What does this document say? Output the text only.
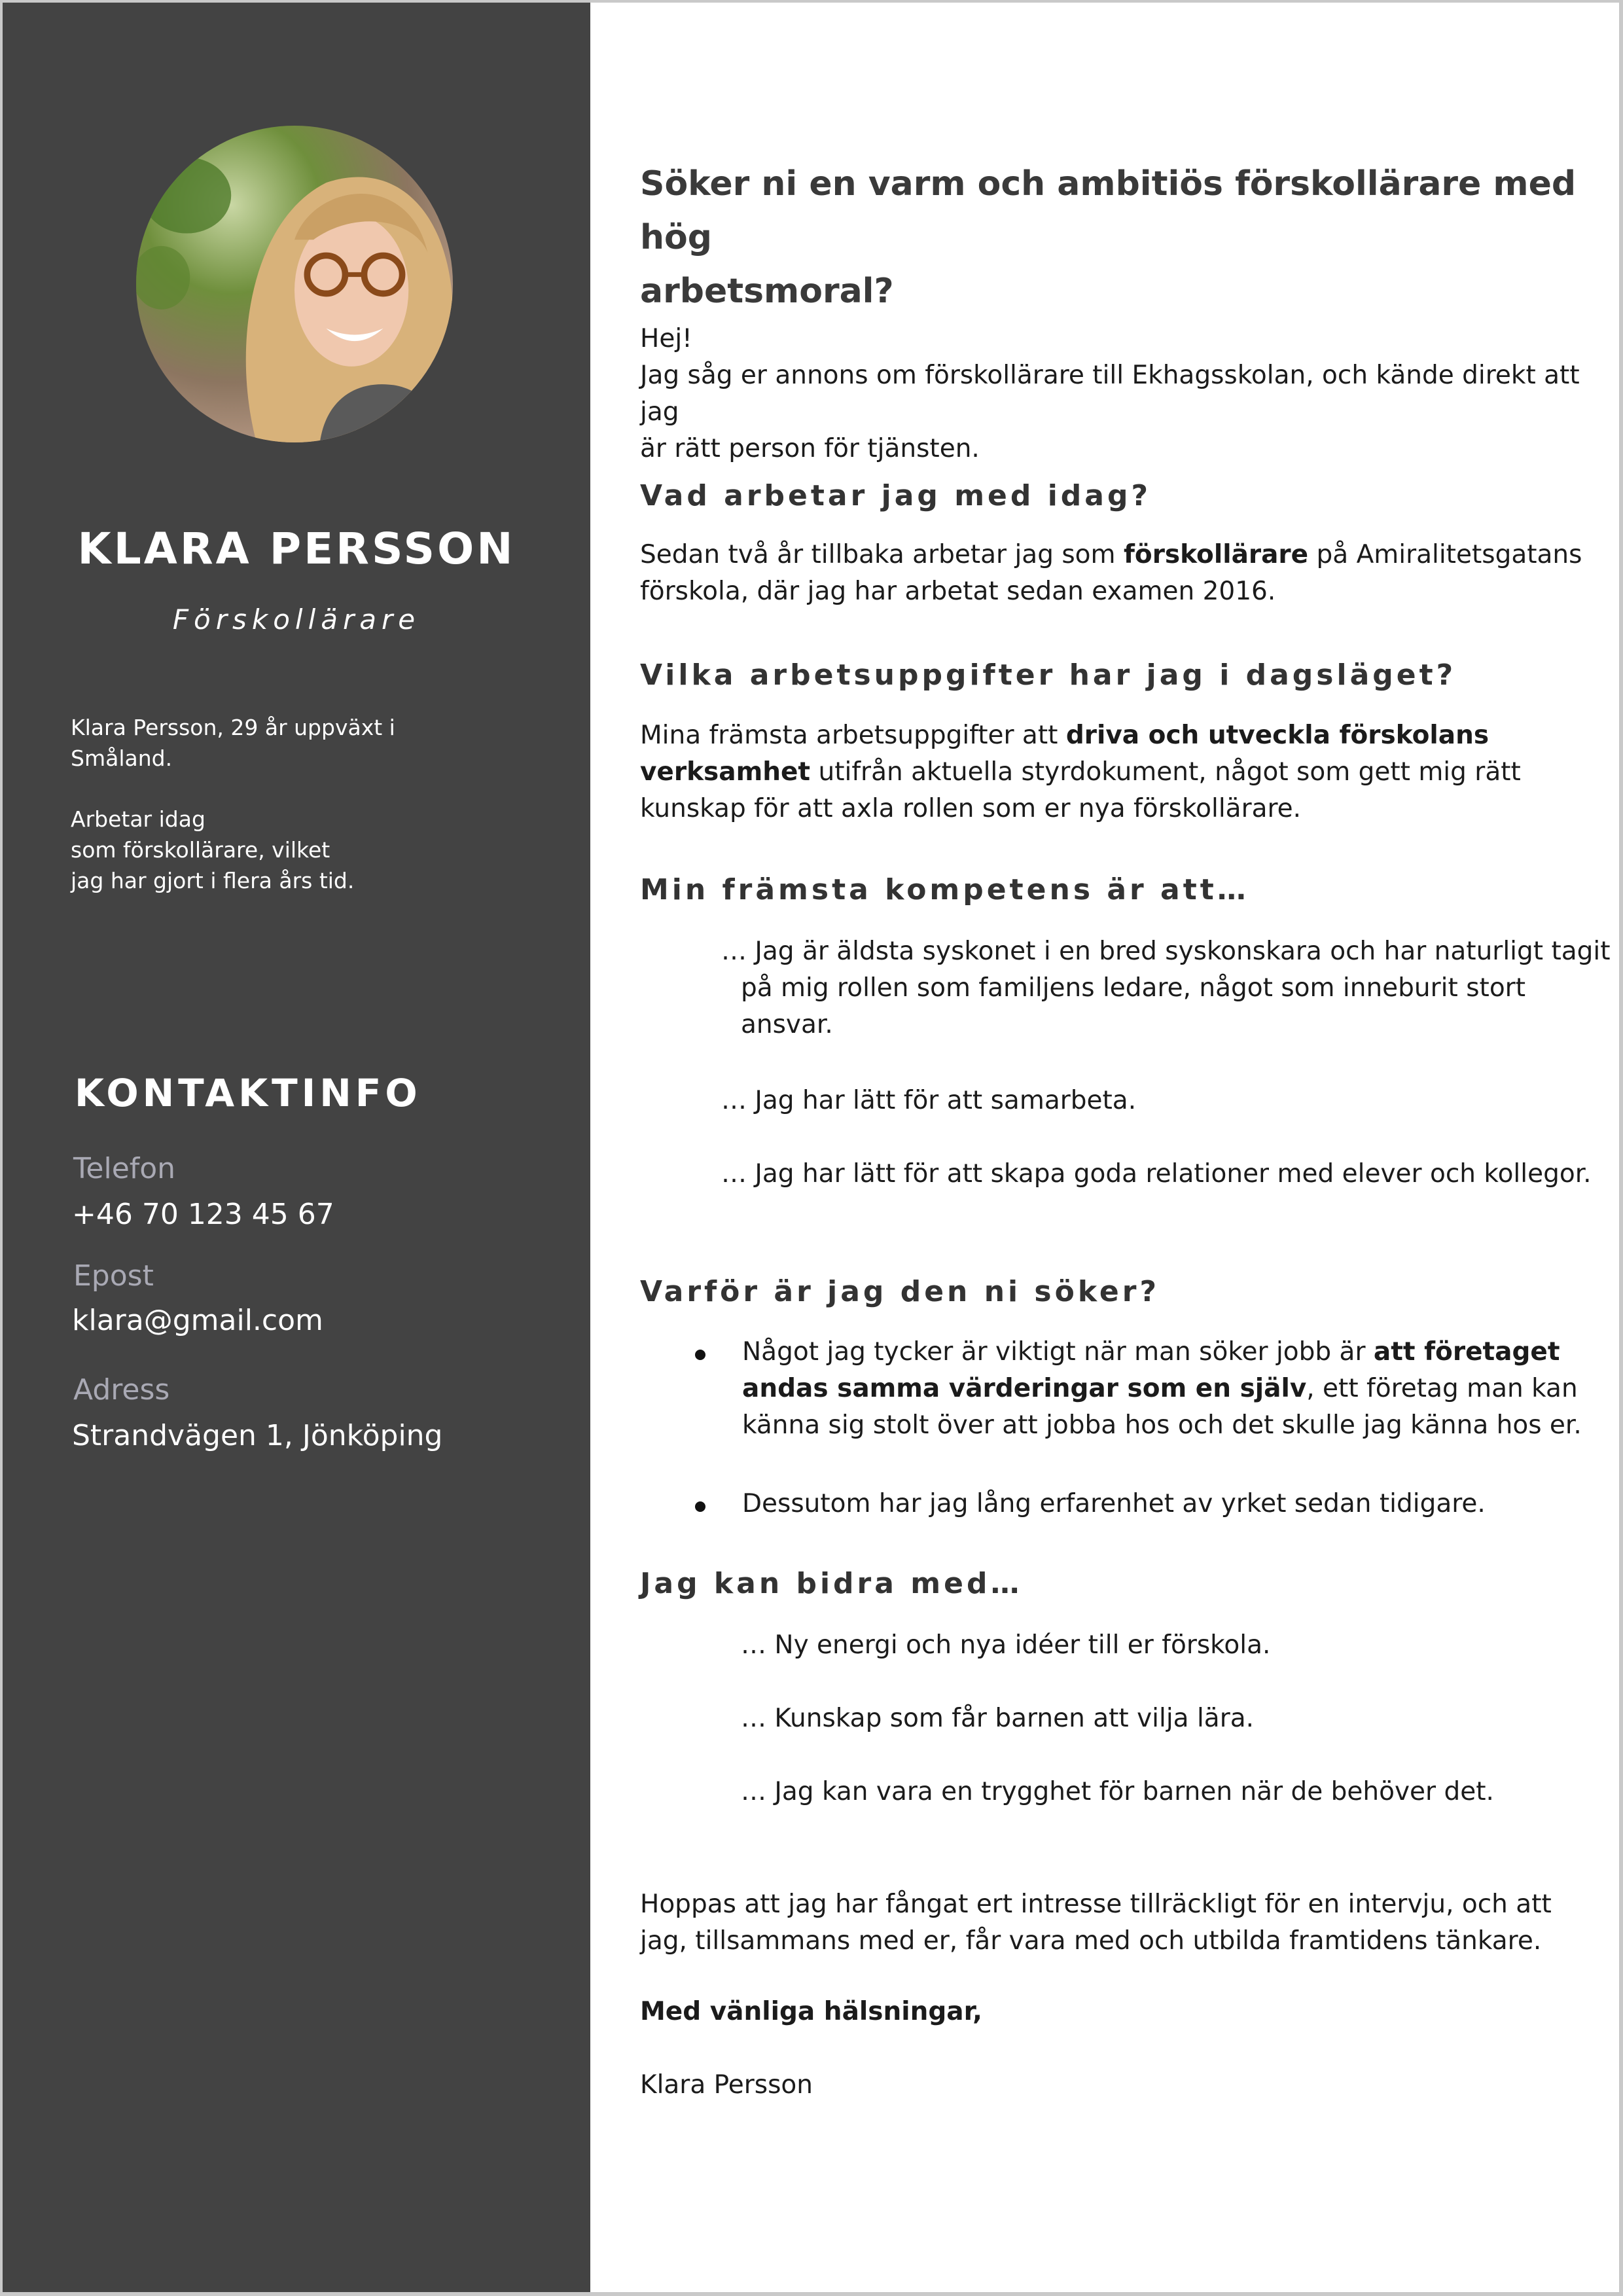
KLARA PERSSON
Förskollärare

Klara Persson, 29 år uppväxt i
Småland.

Arbetar idag
som förskollärare, vilket
jag har gjort i flera års tid.

KONTAKTINFO
Telefon
+46 70 123 45 67
Epost
klara@gmail.com
Adress
Strandvägen 1, Jönköping
Söker ni en varm och ambitiös förskollärare med hög
arbetsmoral?

Hej!

Jag såg er annons om förskollärare till Ekhagsskolan, och kände direkt att jag

är rätt person för tjänsten.

Vad arbetar jag med idag?

Sedan två år tillbaka arbetar jag som förskollärare på Amiralitetsgatans

förskola, där jag har arbetat sedan examen 2016.

Vilka arbetsuppgifter har jag i dagsläget?

Mina främsta arbetsuppgifter att driva och utveckla förskolans

verksamhet utifrån aktuella styrdokument, något som gett mig rätt

kunskap för att axla rollen som er nya förskollärare.

Min främsta kompetens är att…
… Jag är äldsta syskonet i en bred syskonskara och har naturligt tagit på mig rollen som familjens ledare, något som inneburit stort ansvar.
… Jag har lätt för att samarbeta.
… Jag har lätt för att skapa goda relationer med elever och kollegor.
Varför är jag den ni söker?
Något jag tycker är viktigt när man söker jobb är att företaget andas samma värderingar som en själv, ett företag man kan känna sig stolt över att jobba hos och det skulle jag känna hos er.
Dessutom har jag lång erfarenhet av yrket sedan tidigare.
Jag kan bidra med…
… Ny energi och nya idéer till er förskola.
… Kunskap som får barnen att vilja lära.
… Jag kan vara en trygghet för barnen när de behöver det.

Hoppas att jag har fångat ert intresse tillräckligt för en intervju, och att

jag, tillsammans med er, får vara med och utbilda framtidens tänkare.

Med vänliga hälsningar,
Klara Persson
